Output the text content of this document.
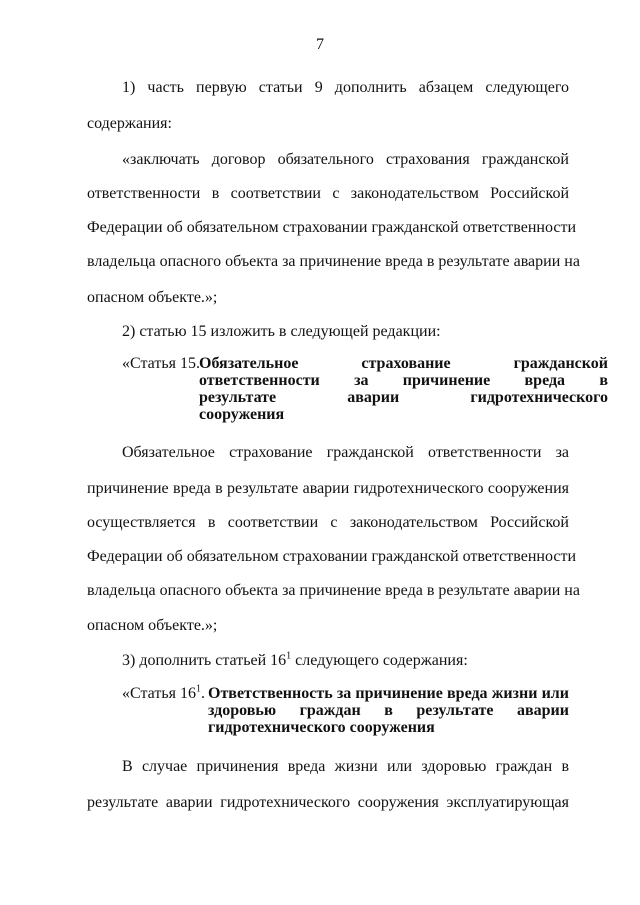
7
1) часть первую статьи 9 дополнить абзацем следующего
содержания:
«заключать договор обязательного страхования гражданской
ответственности в соответствии с законодательством Российской
Федерации об обязательном страховании гражданской ответственности
владельца опасного объекта за причинение вреда в результате аварии на
опасном объекте.»;
2) статью 15 изложить в следующей редакции:
«Статья 15. Обязательное страхование гражданской
ответственности за причинение вреда в
результате аварии гидротехнического
сооружения
Обязательное страхование гражданской ответственности за
причинение вреда в результате аварии гидротехнического сооружения
осуществляется в соответствии с законодательством Российской
Федерации об обязательном страховании гражданской ответственности
владельца опасного объекта за причинение вреда в результате аварии на
опасном объекте.»;
3) дополнить статьей $16^1$ следующего содержания:
«Статья $16^1$. Ответственность за причинение вреда жизни или
здоровью граждан в результате аварии
гидротехнического сооружения
В случае причинения вреда жизни или здоровью граждан в
результате аварии гидротехнического сооружения эксплуатирующая
